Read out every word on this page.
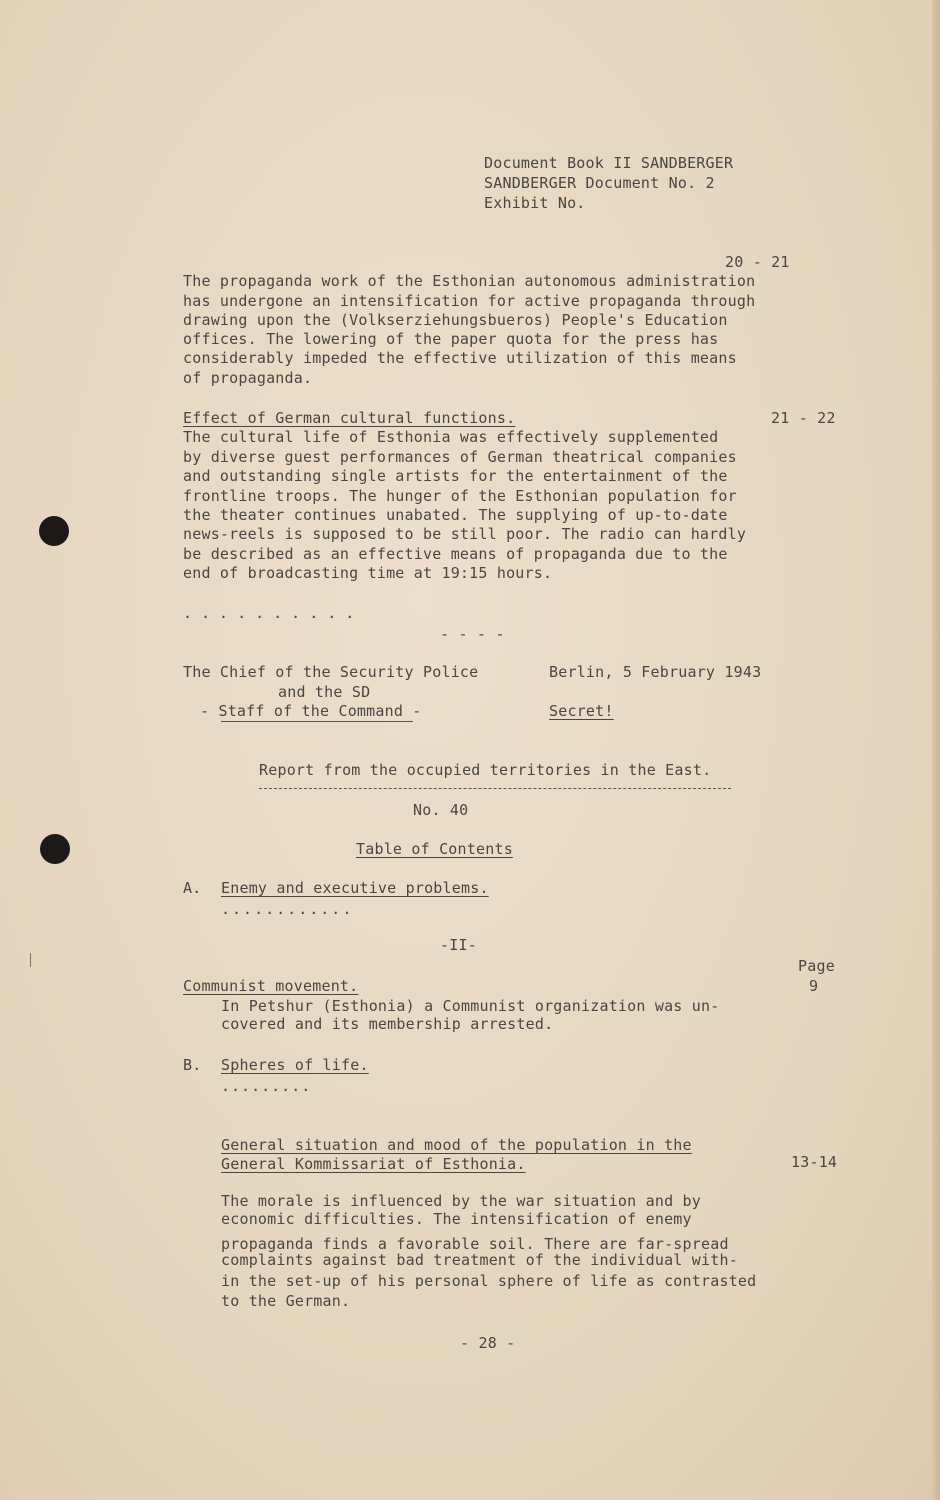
Document Book II SANDBERGER
SANDBERGER Document No. 2
Exhibit No.
20 - 21
The propaganda work of the Esthonian autonomous administration
has undergone an intensification for active propaganda through
drawing upon the (Volkserziehungsbueros) People's Education
offices. The lowering of the paper quota for the press has
considerably impeded the effective utilization of this means
of propaganda.
Effect of German cultural functions.	21 - 22
The cultural life of Esthonia was effectively supplemented
by diverse guest performances of German theatrical companies
and outstanding single artists for the entertainment of the
frontline troops. The hunger of the Esthonian population for
the theater continues unabated. The supplying of up-to-date
news-reels is supposed to be still poor. The radio can hardly
be described as an effective means of propaganda due to the
end of broadcasting time at 19:15 hours.
..........
- - - -
The Chief of the Security Police
and the SD
- Staff of the Command -
Berlin, 5 February 1943
Secret!
Report from the occupied territories in the East.
No. 40
Table of Contents
A. Enemy and executive problems.
............
-II-
Page
Communist movement.	9
In Petshur (Esthonia) a Communist organization was un-
covered and its membership arrested.
B. Spheres of life.
.........
General situation and mood of the population in the
General Kommissariat of Esthonia.	13-14
The morale is influenced by the war situation and by
economic difficulties. The intensification of enemy
propaganda finds a favorable soil. There are far-spread
complaints against bad treatment of the individual with-
in the set-up of his personal sphere of life as contrasted
to the German.
- 28 -
